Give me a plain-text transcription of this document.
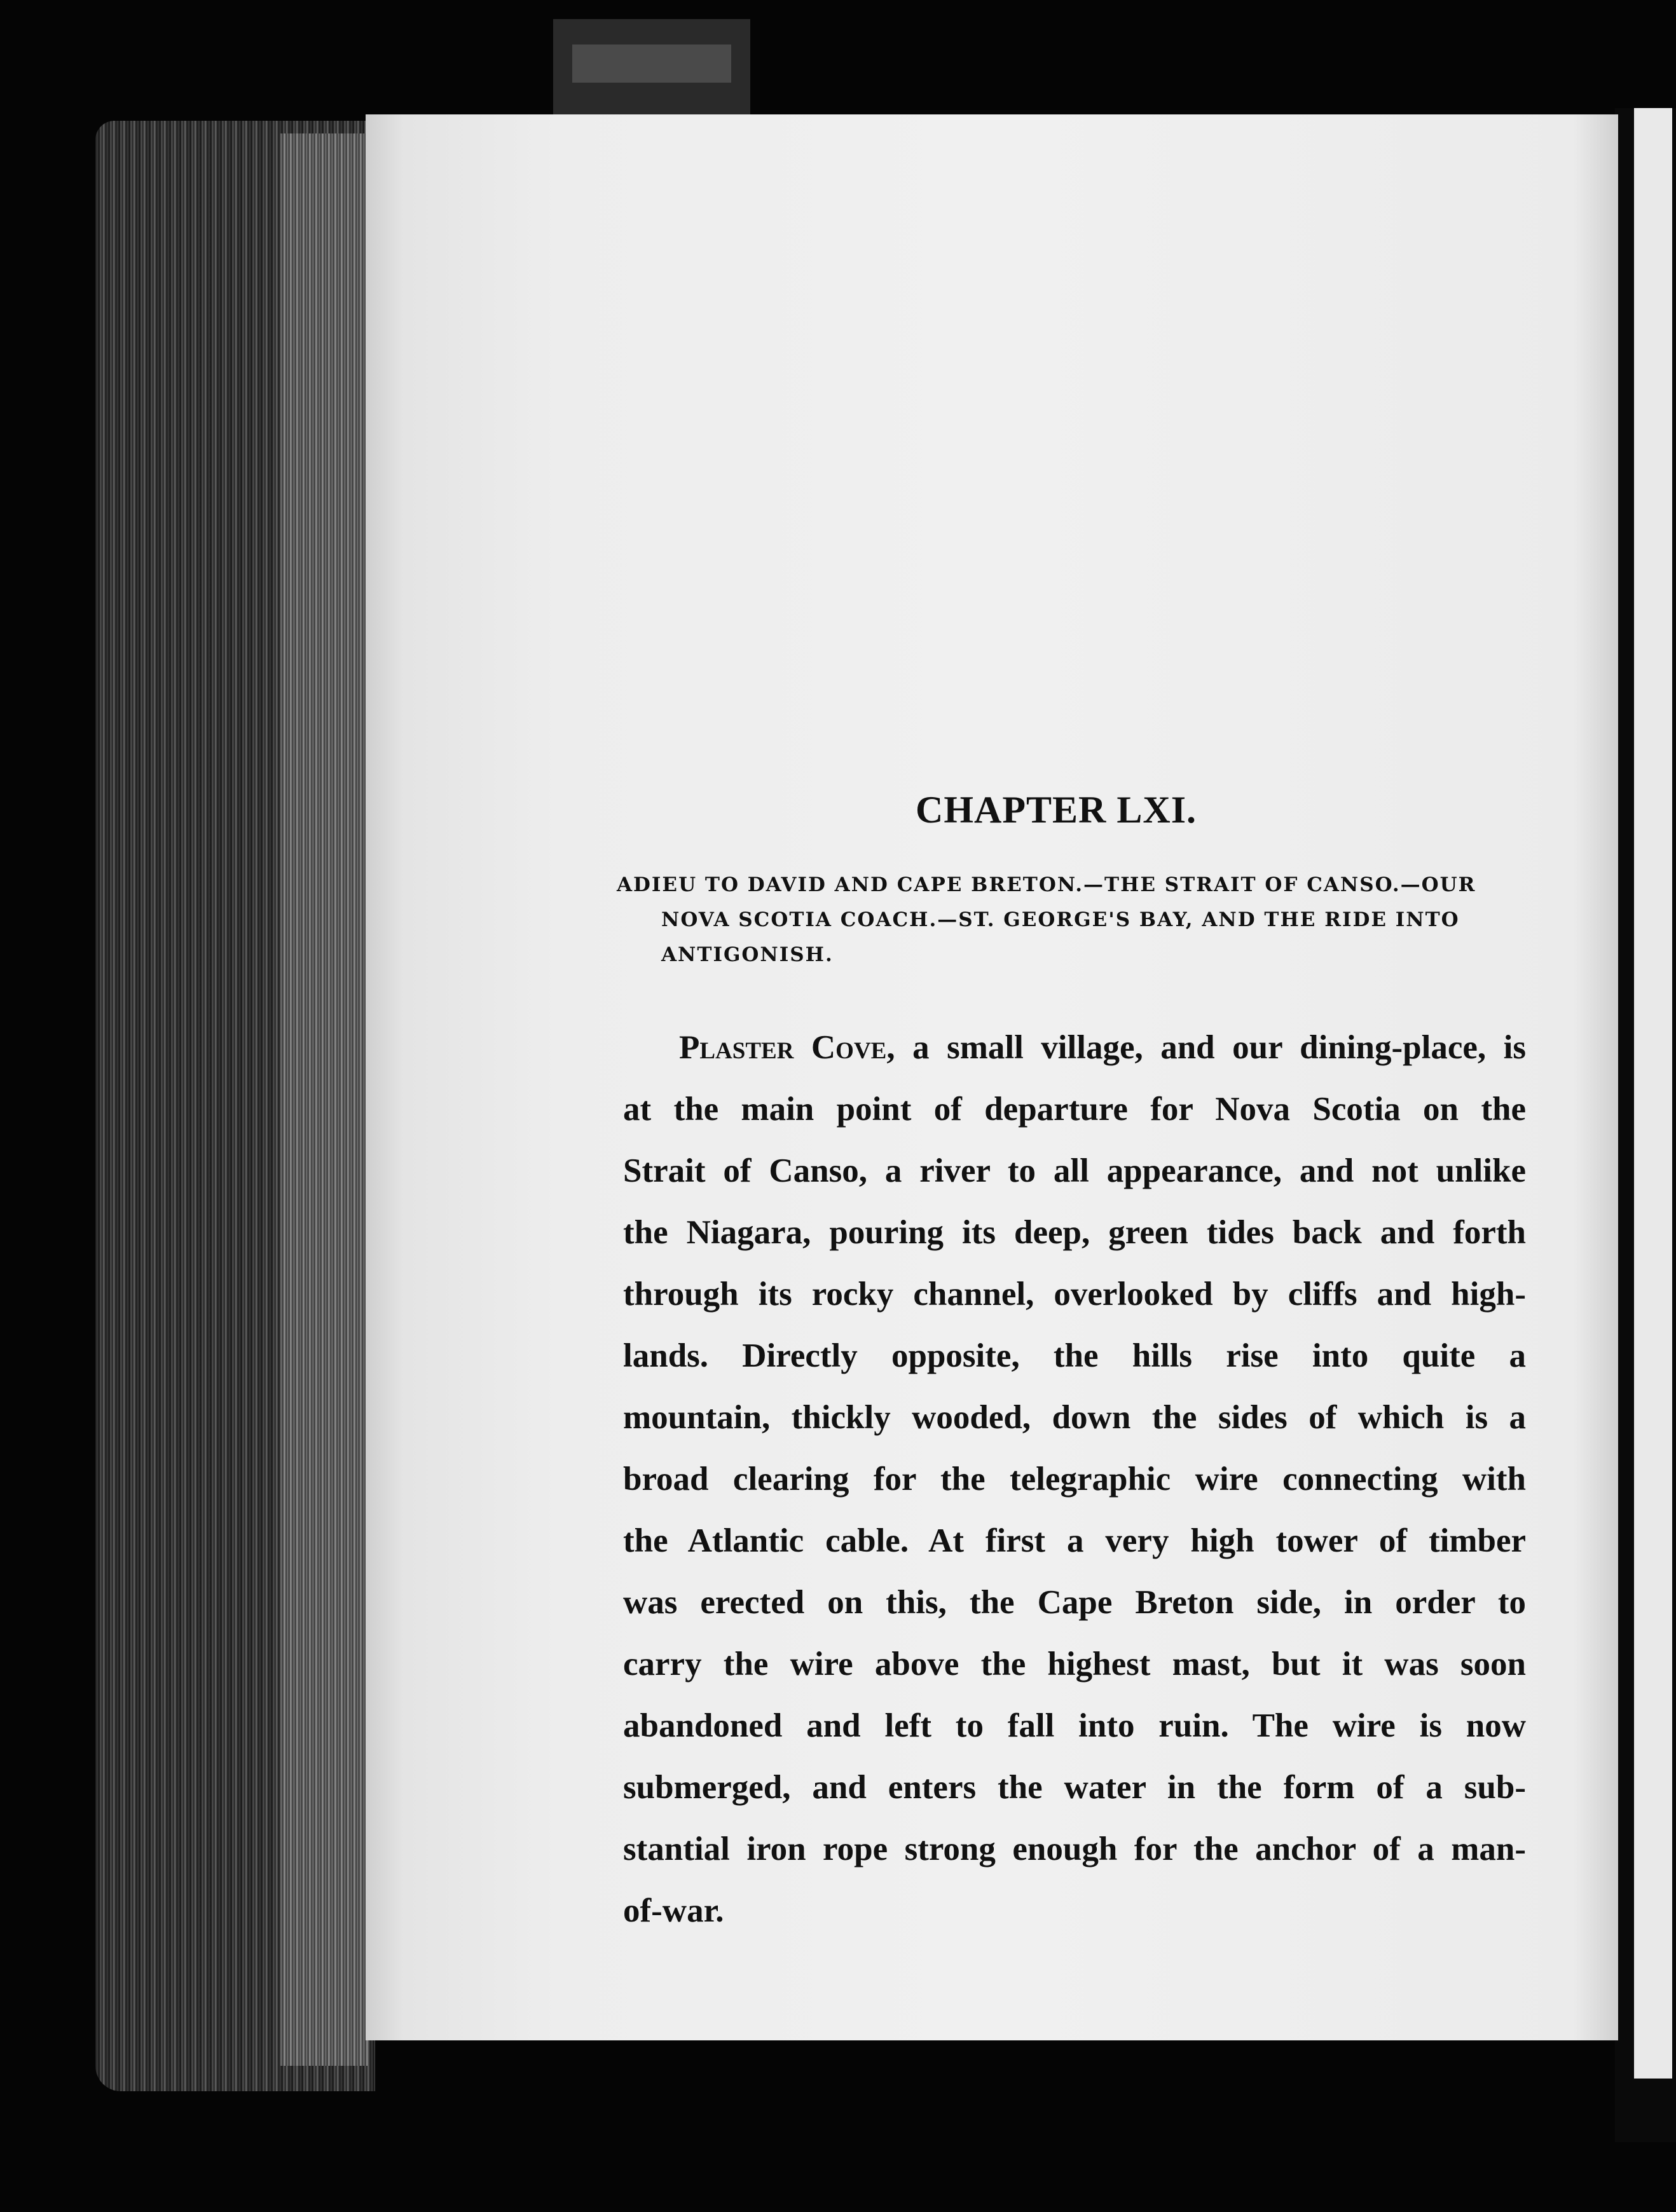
CHAPTER LXI.
ADIEU TO DAVID AND CAPE BRETON.—THE STRAIT OF CANSO.—OUR
NOVA SCOTIA COACH.—ST. GEORGE'S BAY, AND THE RIDE INTO
ANTIGONISH.
Plaster Cove, a small village, and our dining-place, is
at the main point of departure for Nova Scotia on the
Strait of Canso, a river to all appearance, and not unlike
the Niagara, pouring its deep, green tides back and forth
through its rocky channel, overlooked by cliffs and high-
lands. Directly opposite, the hills rise into quite a
mountain, thickly wooded, down the sides of which is a
broad clearing for the telegraphic wire connecting with
the Atlantic cable. At first a very high tower of timber
was erected on this, the Cape Breton side, in order to
carry the wire above the highest mast, but it was soon
abandoned and left to fall into ruin. The wire is now
submerged, and enters the water in the form of a sub-
stantial iron rope strong enough for the anchor of a man-
of-war.
